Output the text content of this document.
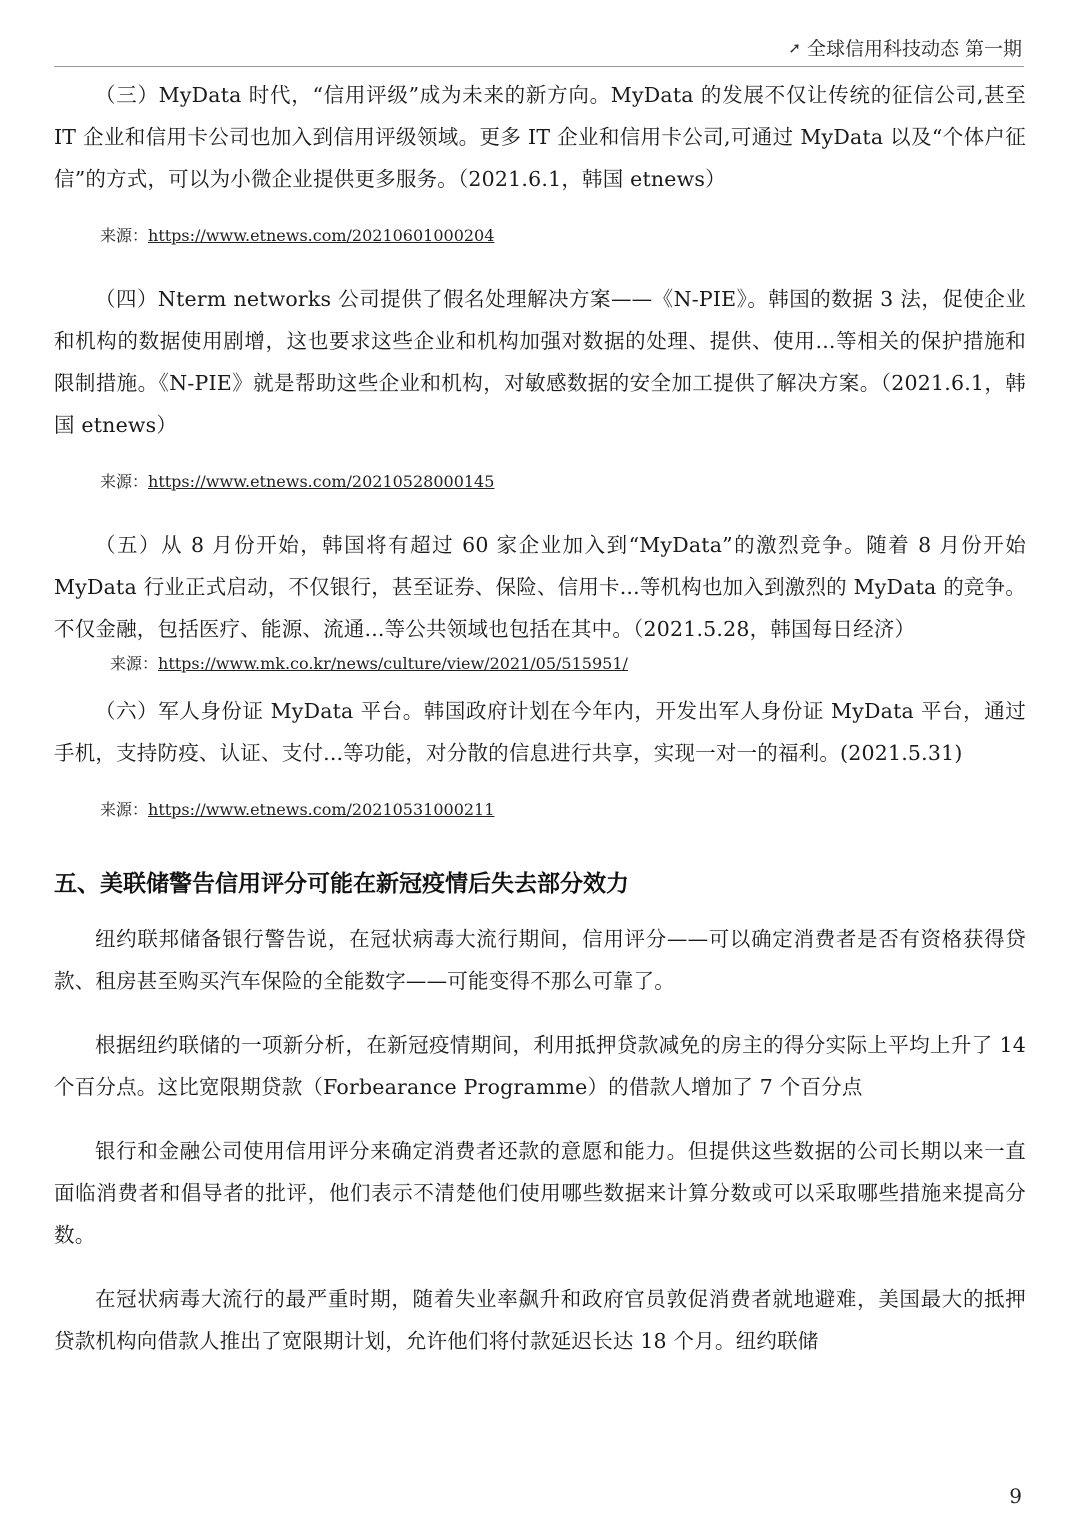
➚ 全球信用科技动态 第一期

（三）MyData 时代，“信用评级”成为未来的新方向。MyData 的发展不仅让传统的征信公司,甚至 IT 企业和信用卡公司也加入到信用评级领域。更多 IT 企业和信用卡公司,可通过 MyData 以及“个体户征信”的方式，可以为小微企业提供更多服务。（2021.6.1，韩国 etnews）

来源：https://www.etnews.com/20210601000204

（四）Nterm networks 公司提供了假名处理解决方案——《N-PIE》。韩国的数据 3 法，促使企业和机构的数据使用剧增，这也要求这些企业和机构加强对数据的处理、提供、使用...等相关的保护措施和限制措施。《N-PIE》就是帮助这些企业和机构，对敏感数据的安全加工提供了解决方案。（2021.6.1，韩国 etnews）

来源：https://www.etnews.com/20210528000145

（五）从 8 月份开始，韩国将有超过 60 家企业加入到“MyData”的激烈竞争。随着 8 月份开始 MyData 行业正式启动，不仅银行，甚至证券、保险、信用卡...等机构也加入到激烈的 MyData 的竞争。不仅金融，包括医疗、能源、流通...等公共领域也包括在其中。（2021.5.28，韩国每日经济）

来源：https://www.mk.co.kr/news/culture/view/2021/05/515951/

（六）军人身份证 MyData 平台。韩国政府计划在今年内，开发出军人身份证 MyData 平台，通过手机，支持防疫、认证、支付...等功能，对分散的信息进行共享，实现一对一的福利。(2021.5.31)

来源：https://www.etnews.com/20210531000211

五、美联储警告信用评分可能在新冠疫情后失去部分效力

纽约联邦储备银行警告说，在冠状病毒大流行期间，信用评分——可以确定消费者是否有资格获得贷款、租房甚至购买汽车保险的全能数字——可能变得不那么可靠了。

根据纽约联储的一项新分析，在新冠疫情期间，利用抵押贷款减免的房主的得分实际上平均上升了 14 个百分点。这比宽限期贷款（Forbearance Programme）的借款人增加了 7 个百分点

银行和金融公司使用信用评分来确定消费者还款的意愿和能力。但提供这些数据的公司长期以来一直面临消费者和倡导者的批评，他们表示不清楚他们使用哪些数据来计算分数或可以采取哪些措施来提高分数。

在冠状病毒大流行的最严重时期，随着失业率飙升和政府官员敦促消费者就地避难，美国最大的抵押贷款机构向借款人推出了宽限期计划，允许他们将付款延迟长达 18 个月。纽约联储

9
